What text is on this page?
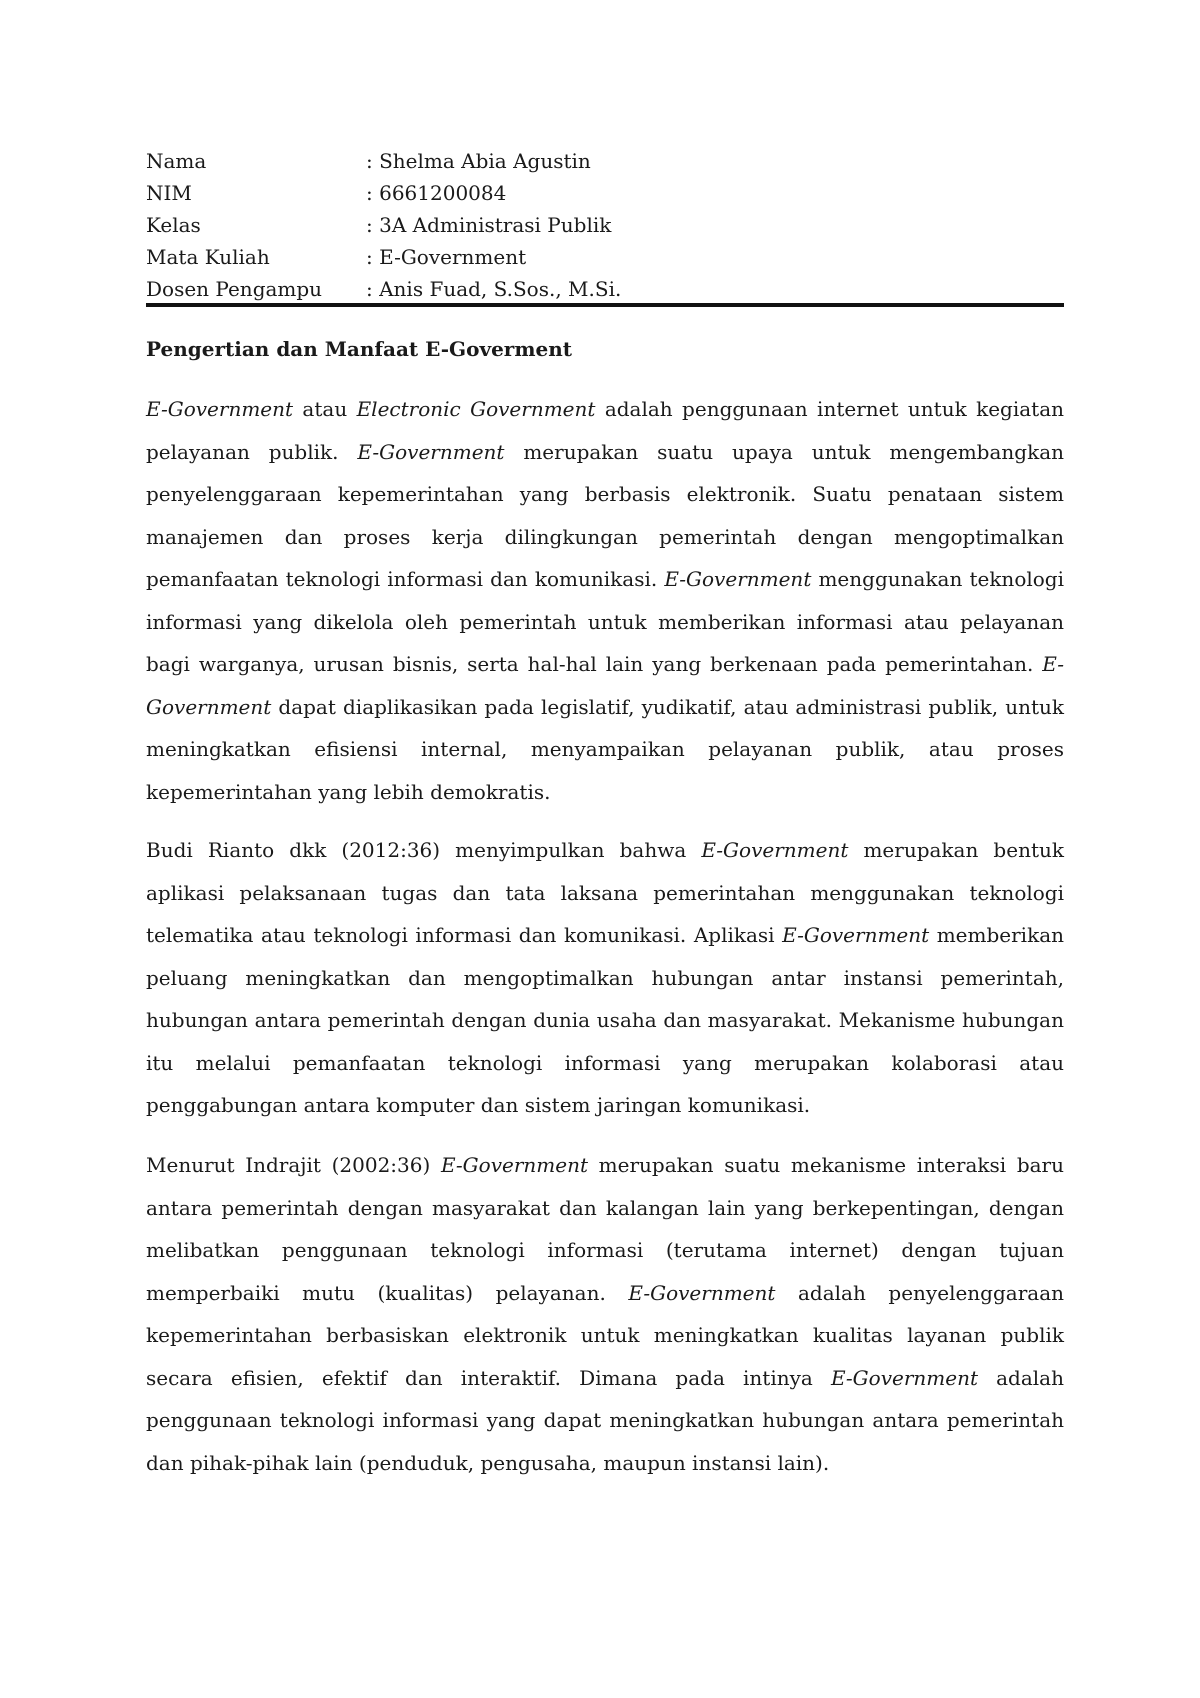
Nama	: Shelma Abia Agustin
NIM	: 6661200084
Kelas	: 3A Administrasi Publik
Mata Kuliah	: E-Government
Dosen Pengampu	: Anis Fuad, S.Sos., M.Si.
Pengertian dan Manfaat E-Goverment

E-Government atau Electronic Government adalah penggunaan internet untuk kegiatan pelayanan publik. E-Government merupakan suatu upaya untuk mengembangkan penyelenggaraan kepemerintahan yang berbasis elektronik. Suatu penataan sistem manajemen dan proses kerja dilingkungan pemerintah dengan mengoptimalkan pemanfaatan teknologi informasi dan komunikasi. E-Government menggunakan teknologi informasi yang dikelola oleh pemerintah untuk memberikan informasi atau pelayanan bagi warganya, urusan bisnis, serta hal-hal lain yang berkenaan pada pemerintahan. E-Government dapat diaplikasikan pada legislatif, yudikatif, atau administrasi publik, untuk meningkatkan efisiensi internal, menyampaikan pelayanan publik, atau proses kepemerintahan yang lebih demokratis.

Budi Rianto dkk (2012:36) menyimpulkan bahwa E-Government merupakan bentuk aplikasi pelaksanaan tugas dan tata laksana pemerintahan menggunakan teknologi telematika atau teknologi informasi dan komunikasi. Aplikasi E-Government memberikan peluang meningkatkan dan mengoptimalkan hubungan antar instansi pemerintah, hubungan antara pemerintah dengan dunia usaha dan masyarakat. Mekanisme hubungan itu melalui pemanfaatan teknologi informasi yang merupakan kolaborasi atau penggabungan antara komputer dan sistem jaringan komunikasi.

Menurut Indrajit (2002:36) E-Government merupakan suatu mekanisme interaksi baru antara pemerintah dengan masyarakat dan kalangan lain yang berkepentingan, dengan melibatkan penggunaan teknologi informasi (terutama internet) dengan tujuan memperbaiki mutu (kualitas) pelayanan. E-Government adalah penyelenggaraan kepemerintahan berbasiskan elektronik untuk meningkatkan kualitas layanan publik secara efisien, efektif dan interaktif. Dimana pada intinya E-Government adalah penggunaan teknologi informasi yang dapat meningkatkan hubungan antara pemerintah dan pihak-pihak lain (penduduk, pengusaha, maupun instansi lain).
